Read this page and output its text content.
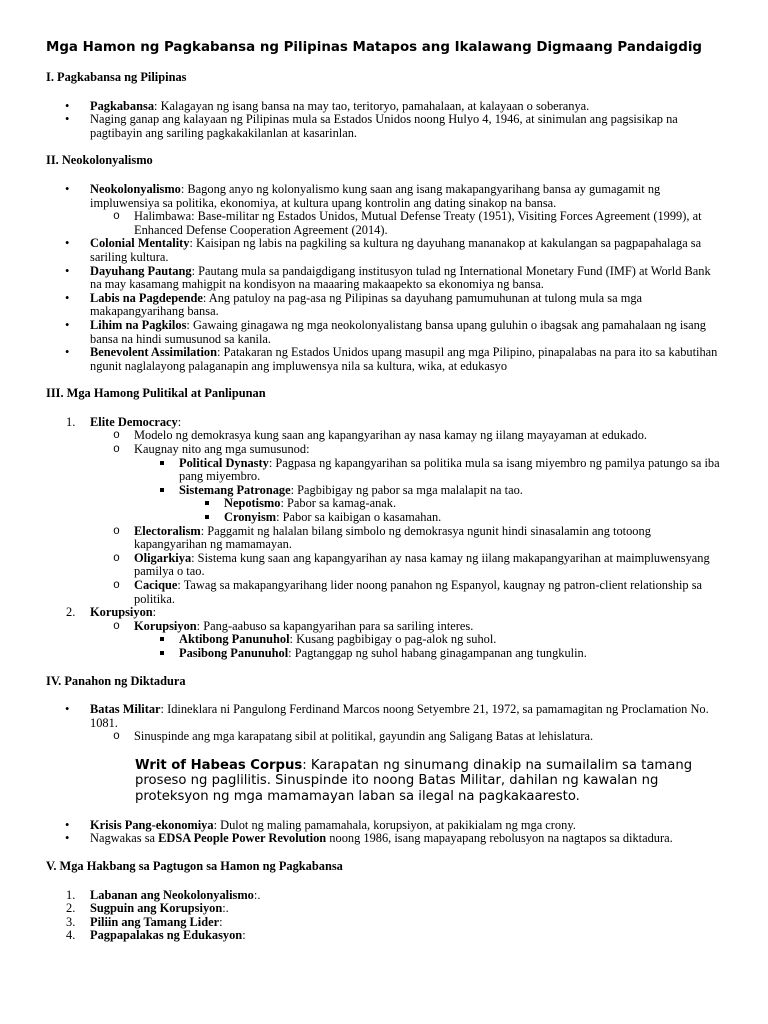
Mga Hamon ng Pagkabansa ng Pilipinas Matapos ang Ikalawang Digmaang Pandaigdig

I. Pagkabansa ng Pilipinas

• Pagkabansa: Kalagayan ng isang bansa na may tao, teritoryo, pamahalaan, at kalayaan o soberanya.
• Naging ganap ang kalayaan ng Pilipinas mula sa Estados Unidos noong Hulyo 4, 1946, at sinimulan ang pagsisikap na pagtibayin ang sariling pagkakakilanlan at kasarinlan.

II. Neokolonyalismo

• Neokolonyalismo: Bagong anyo ng kolonyalismo kung saan ang isang makapangyarihang bansa ay gumagamit ng impluwensiya sa politika, ekonomiya, at kultura upang kontrolin ang dating sinakop na bansa.
o Halimbawa: Base-militar ng Estados Unidos, Mutual Defense Treaty (1951), Visiting Forces Agreement (1999), at Enhanced Defense Cooperation Agreement (2014).
• Colonial Mentality: Kaisipan ng labis na pagkiling sa kultura ng dayuhang mananakop at kakulangan sa pagpapahalaga sa sariling kultura.
• Dayuhang Pautang: Pautang mula sa pandaigdigang institusyon tulad ng International Monetary Fund (IMF) at World Bank na may kasamang mahigpit na kondisyon na maaaring makaapekto sa ekonomiya ng bansa.
• Labis na Pagdepende: Ang patuloy na pag-asa ng Pilipinas sa dayuhang pamumuhunan at tulong mula sa mga makapangyarihang bansa.
• Lihim na Pagkilos: Gawaing ginagawa ng mga neokolonyalistang bansa upang guluhin o ibagsak ang pamahalaan ng isang bansa na hindi sumusunod sa kanila.
• Benevolent Assimilation: Patakaran ng Estados Unidos upang masupil ang mga Pilipino, pinapalabas na para ito sa kabutihan ngunit naglalayong palaganapin ang impluwensya nila sa kultura, wika, at edukasyo

III. Mga Hamong Pulitikal at Panlipunan

1. Elite Democracy:
o Modelo ng demokrasya kung saan ang kapangyarihan ay nasa kamay ng iilang mayayaman at edukado.
o Kaugnay nito ang mga sumusunod:
Political Dynasty: Pagpasa ng kapangyarihan sa politika mula sa isang miyembro ng pamilya patungo sa iba pang miyembro.
Sistemang Patronage: Pagbibigay ng pabor sa mga malalapit na tao.
Nepotismo: Pabor sa kamag-anak.
Cronyism: Pabor sa kaibigan o kasamahan.
o Electoralism: Paggamit ng halalan bilang simbolo ng demokrasya ngunit hindi sinasalamin ang totoong kapangyarihan ng mamamayan.
o Oligarkiya: Sistema kung saan ang kapangyarihan ay nasa kamay ng iilang makapangyarihan at maimpluwensyang pamilya o tao.
o Cacique: Tawag sa makapangyarihang lider noong panahon ng Espanyol, kaugnay ng patron-client relationship sa politika.
2. Korupsiyon:
o Korupsiyon: Pang-aabuso sa kapangyarihan para sa sariling interes.
Aktibong Panunuhol: Kusang pagbibigay o pag-alok ng suhol.
Pasibong Panunuhol: Pagtanggap ng suhol habang ginagampanan ang tungkulin.

IV. Panahon ng Diktadura

• Batas Militar: Idineklara ni Pangulong Ferdinand Marcos noong Setyembre 21, 1972, sa pamamagitan ng Proclamation No. 1081.
o Sinuspinde ang mga karapatang sibil at politikal, gayundin ang Saligang Batas at lehislatura.

Writ of Habeas Corpus: Karapatan ng sinumang dinakip na sumailalim sa tamang proseso ng paglilitis. Sinuspinde ito noong Batas Militar, dahilan ng kawalan ng proteksyon ng mga mamamayan laban sa ilegal na pagkakaaresto.

• Krisis Pang-ekonomiya: Dulot ng maling pamamahala, korupsiyon, at pakikialam ng mga crony.
• Nagwakas sa EDSA People Power Revolution noong 1986, isang mapayapang rebolusyon na nagtapos sa diktadura.

V. Mga Hakbang sa Pagtugon sa Hamon ng Pagkabansa

1. Labanan ang Neokolonyalismo:.
2. Sugpuin ang Korupsiyon:.
3. Piliin ang Tamang Lider:
4. Pagpapalakas ng Edukasyon:
